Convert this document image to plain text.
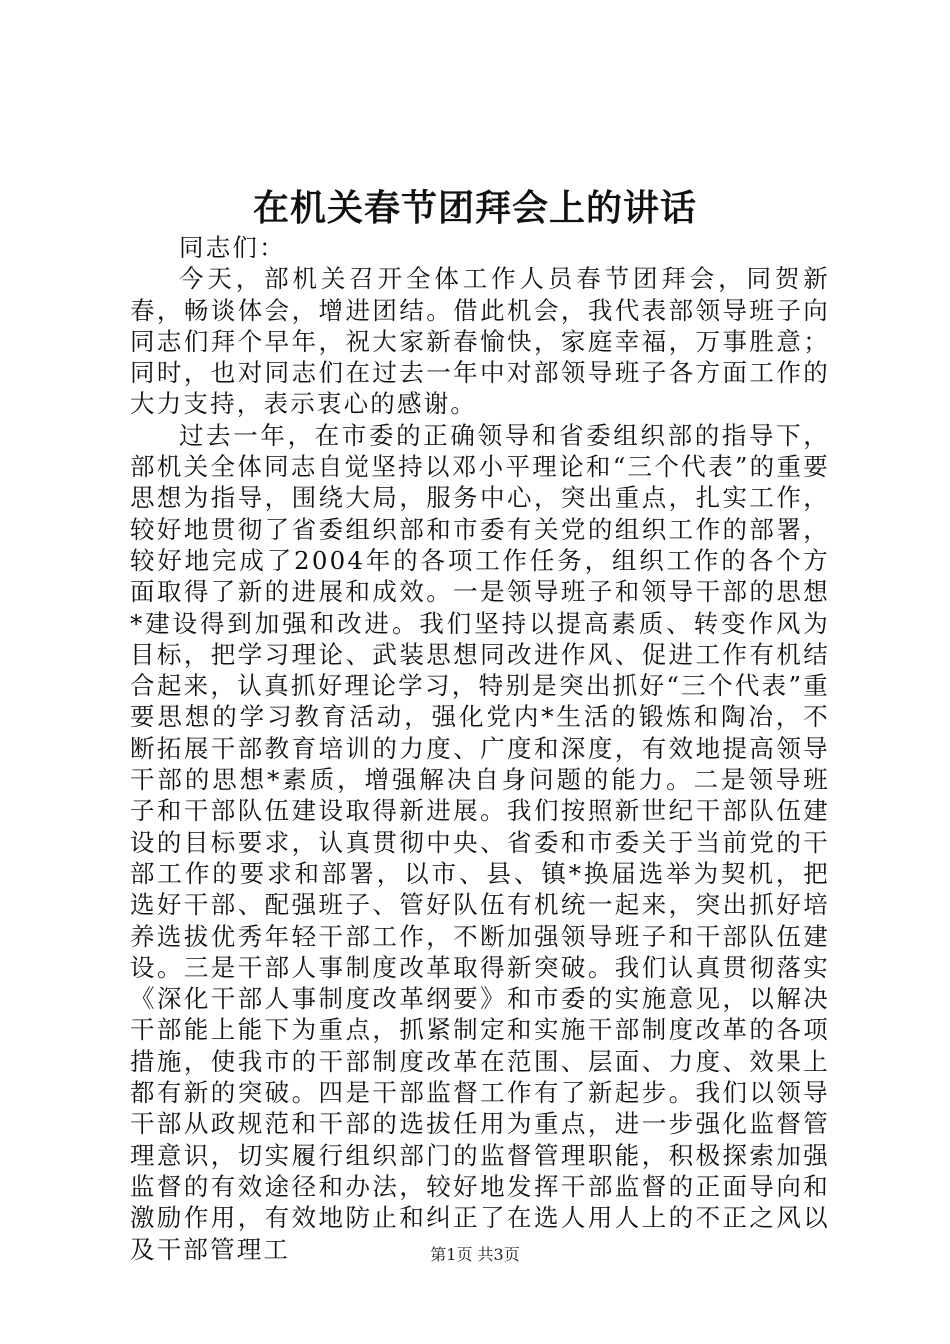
在机关春节团拜会上的讲话

同志们：

今天，部机关召开全体工作人员春节团拜会，同贺新春，畅谈体会，增进团结。借此机会，我代表部领导班子向同志们拜个早年，祝大家新春愉快，家庭幸福，万事胜意；同时，也对同志们在过去一年中对部领导班子各方面工作的大力支持，表示衷心的感谢。

过去一年，在市委的正确领导和省委组织部的指导下，部机关全体同志自觉坚持以邓小平理论和“三个代表”的重要思想为指导，围绕大局，服务中心，突出重点，扎实工作，较好地贯彻了省委组织部和市委有关党的组织工作的部署，较好地完成了2004年的各项工作任务，组织工作的各个方面取得了新的进展和成效。一是领导班子和领导干部的思想*建设得到加强和改进。我们坚持以提高素质、转变作风为目标，把学习理论、武装思想同改进作风、促进工作有机结合起来，认真抓好理论学习，特别是突出抓好“三个代表”重要思想的学习教育活动，强化党内*生活的锻炼和陶冶，不断拓展干部教育培训的力度、广度和深度，有效地提高领导干部的思想*素质，增强解决自身问题的能力。二是领导班子和干部队伍建设取得新进展。我们按照新世纪干部队伍建设的目标要求，认真贯彻中央、省委和市委关于当前党的干部工作的要求和部署，以市、县、镇*换届选举为契机，把选好干部、配强班子、管好队伍有机统一起来，突出抓好培养选拔优秀年轻干部工作，不断加强领导班子和干部队伍建设。三是干部人事制度改革取得新突破。我们认真贯彻落实《深化干部人事制度改革纲要》和市委的实施意见，以解决干部能上能下为重点，抓紧制定和实施干部制度改革的各项措施，使我市的干部制度改革在范围、层面、力度、效果上都有新的突破。四是干部监督工作有了新起步。我们以领导干部从政规范和干部的选拔任用为重点，进一步强化监督管理意识，切实履行组织部门的监督管理职能，积极探索加强监督的有效途径和办法，较好地发挥干部监督的正面导向和激励作用，有效地防止和纠正了在选人用人上的不正之风以及干部管理工	第1页 共3页
